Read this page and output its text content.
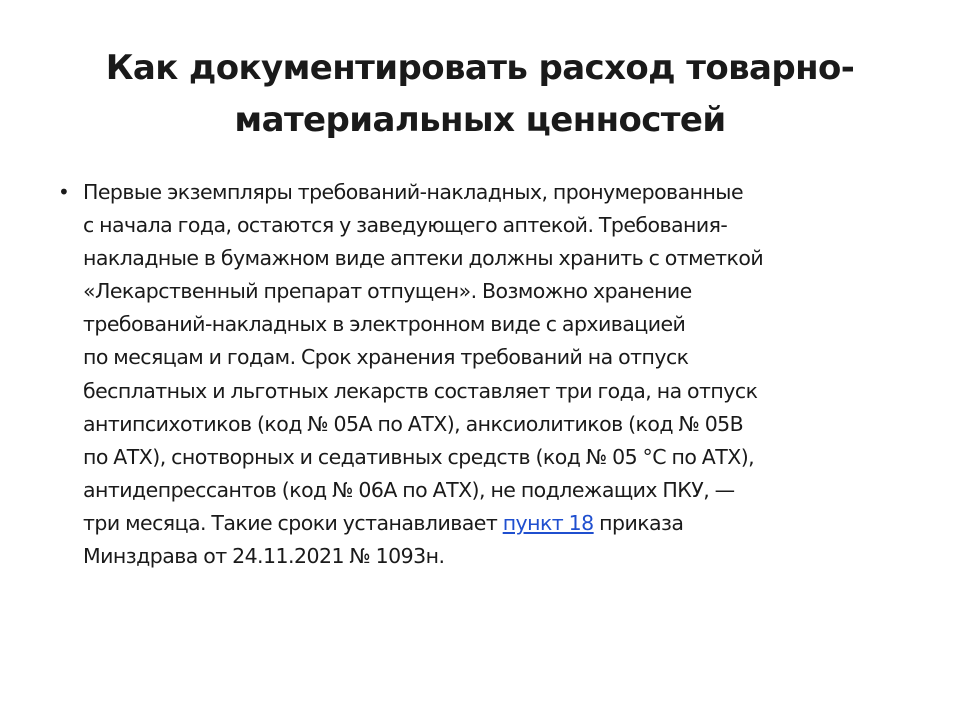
Как документировать расход товарно-
материальных ценностей
• Первые экземпляры требований-накладных, пронумерованные
с начала года, остаются у заведующего аптекой. Требования-
накладные в бумажном виде аптеки должны хранить с отметкой
«Лекарственный препарат отпущен». Возможно хранение
требований-накладных в электронном виде с архивацией
по месяцам и годам. Срок хранения требований на отпуск
бесплатных и льготных лекарств составляет три года, на отпуск
антипсихотиков (код № 05А по АТХ), анксиолитиков (код № 05B
по АТХ), снотворных и седативных средств (код № 05 °C по АТХ),
антидепрессантов (код № 06A по АТХ), не подлежащих ПКУ, —
три месяца. Такие сроки устанавливает пункт 18 приказа
Минздрава от 24.11.2021 № 1093н.
